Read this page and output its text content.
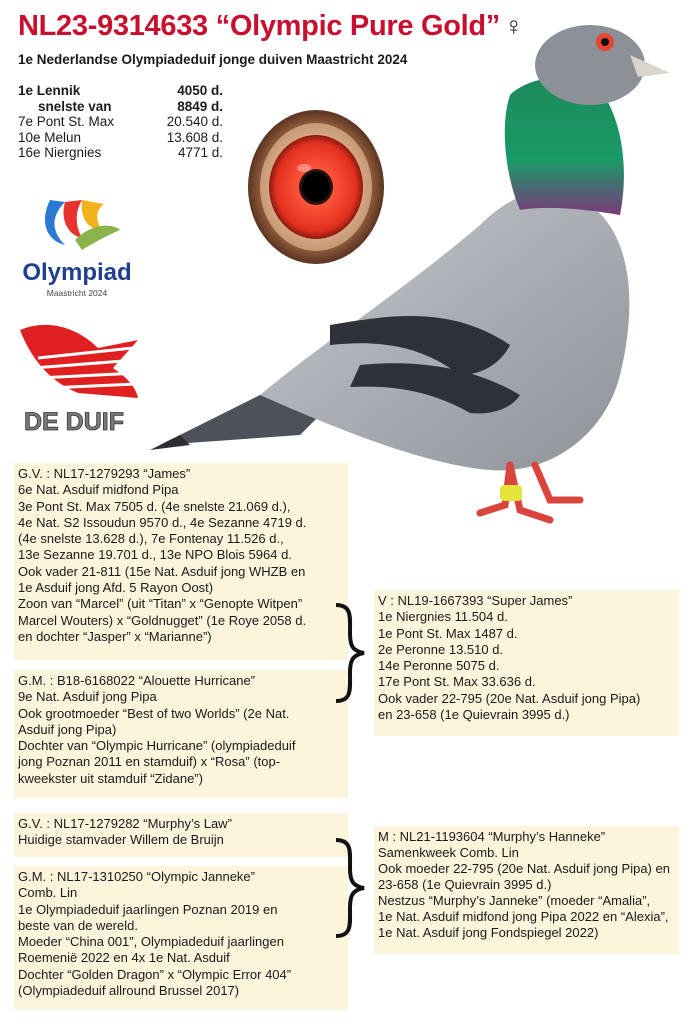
NL23-9314633 “Olympic Pure Gold” ♀
1e Nederlandse Olympiadeduif jonge duiven Maastricht 2024
1e Lennik	4050 d.
snelste van	8849 d.
7e Pont St. Max	20.540 d.
10e Melun	13.608 d.
16e Niergnies	4771 d.
Olympiad
Maastricht 2024
DE DUIF
G.V. : NL17-1279293 “James”
6e Nat. Asduif midfond Pipa
3e Pont St. Max 7505 d. (4e snelste 21.069 d.),
4e Nat. S2 Issoudun 9570 d., 4e Sezanne 4719 d.
(4e snelste 13.628 d.), 7e Fontenay 11.526 d.,
13e Sezanne 19.701 d., 13e NPO Blois 5964 d.
Ook vader 21-811 (15e Nat. Asduif jong WHZB en
1e Asduif jong Afd. 5 Rayon Oost)
Zoon van “Marcel” (uit “Titan” x “Genopte Witpen”
Marcel Wouters) x “Goldnugget” (1e Roye 2058 d.
en dochter “Jasper” x “Marianne”)
G.M. : B18-6168022 “Alouette Hurricane”
9e Nat. Asduif jong Pipa
Ook grootmoeder “Best of two Worlds” (2e Nat.
Asduif jong Pipa)
Dochter van “Olympic Hurricane” (olympiadeduif
jong Poznan 2011 en stamduif) x “Rosa” (top-
kweekster uit stamduif “Zidane”)
V : NL19-1667393 “Super James”
1e Niergnies 11.504 d.
1e Pont St. Max 1487 d.
2e Peronne 13.510 d.
14e Peronne 5075 d.
17e Pont St. Max 33.636 d.
Ook vader 22-795 (20e Nat. Asduif jong Pipa)
en 23-658 (1e Quievrain 3995 d.)
G.V. : NL17-1279282 “Murphy’s Law”
Huidige stamvader Willem de Bruijn
G.M. : NL17-1310250 “Olympic Janneke”
Comb. Lin
1e Olympiadeduif jaarlingen Poznan 2019 en
beste van de wereld.
Moeder “China 001”, Olympiadeduif jaarlingen
Roemenië 2022 en 4x 1e Nat. Asduif
Dochter “Golden Dragon” x “Olympic Error 404”
(Olympiadeduif allround Brussel 2017)
M : NL21-1193604 “Murphy’s Hanneke”
Samenkweek Comb. Lin
Ook moeder 22-795 (20e Nat. Asduif jong Pipa) en
23-658 (1e Quievrain 3995 d.)
Nestzus “Murphy’s Janneke” (moeder “Amalia”,
1e Nat. Asduif midfond jong Pipa 2022 en “Alexia”,
1e Nat. Asduif jong Fondspiegel 2022)
